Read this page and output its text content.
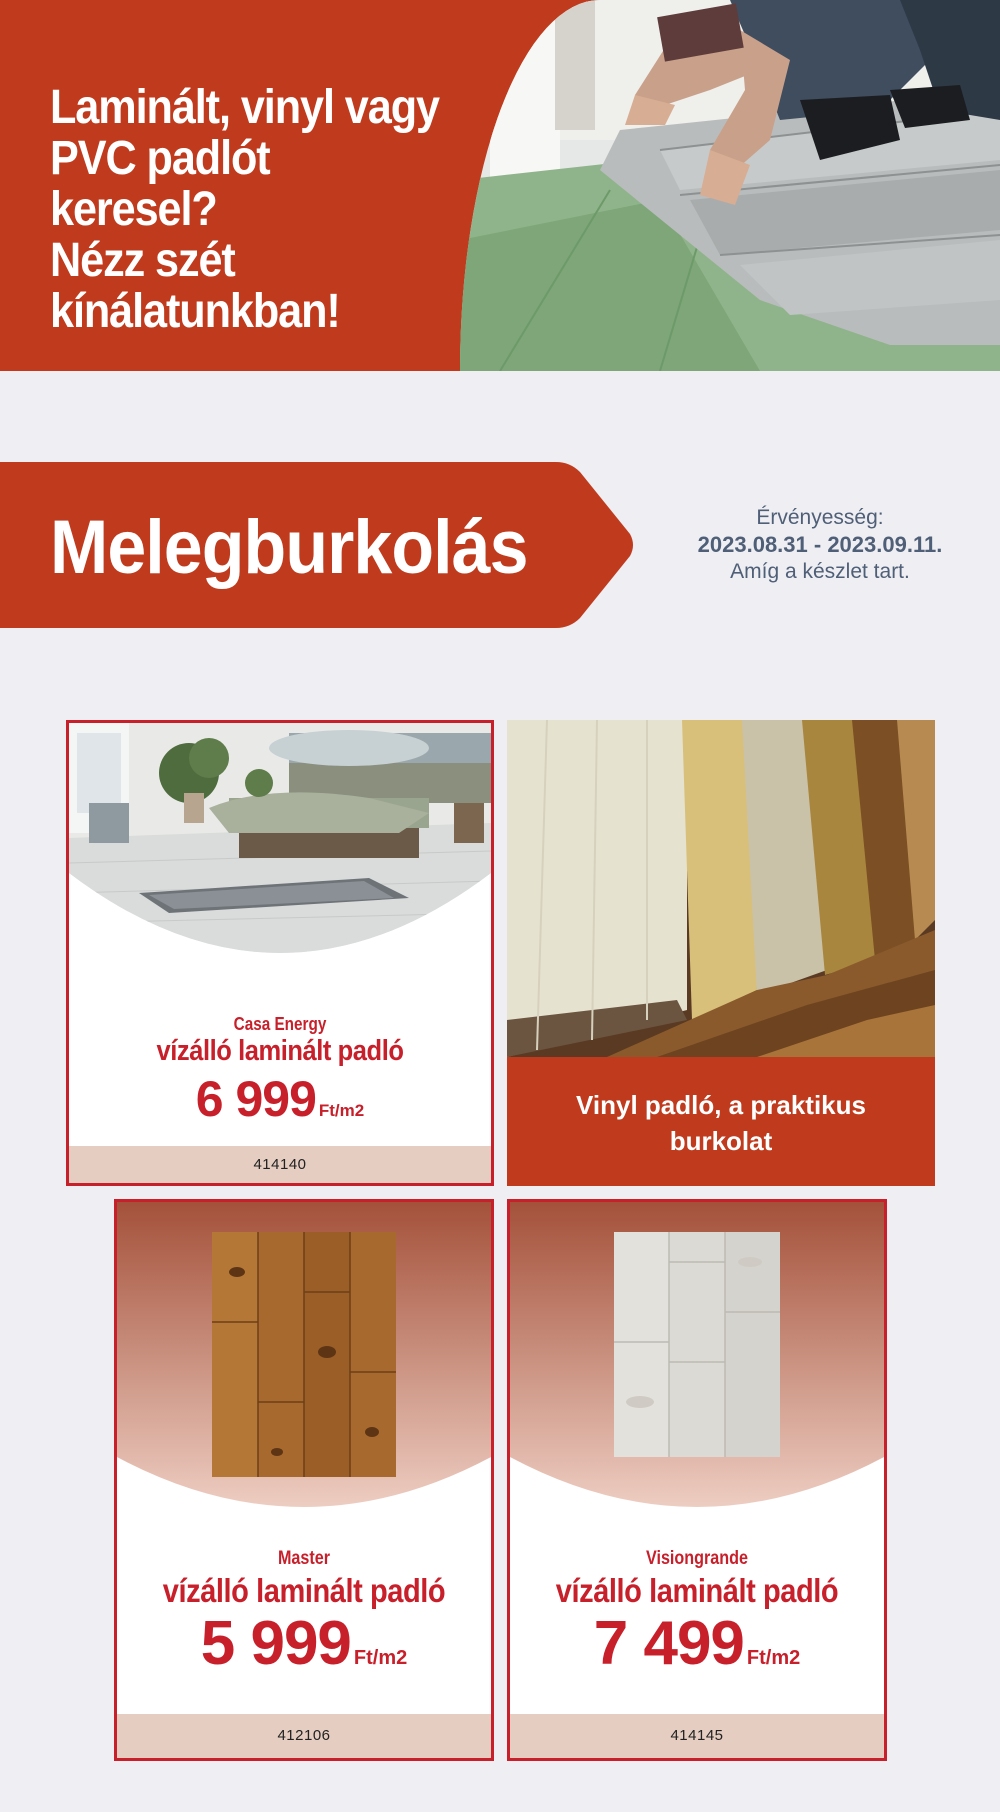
Laminált, vinyl vagy
PVC padlót keresel?
Nézz szét
kínálatunkban!
Melegburkolás	Érvényesség:
2023.08.31 - 2023.09.11.
Amíg a készlet tart.
Casa Energy
vízálló laminált padló
6 999 Ft/m2
414140
Vinyl padló, a praktikus
burkolat
Master
vízálló laminált padló
5 999 Ft/m2
412106
Visiongrande
vízálló laminált padló
7 499 Ft/m2
414145
